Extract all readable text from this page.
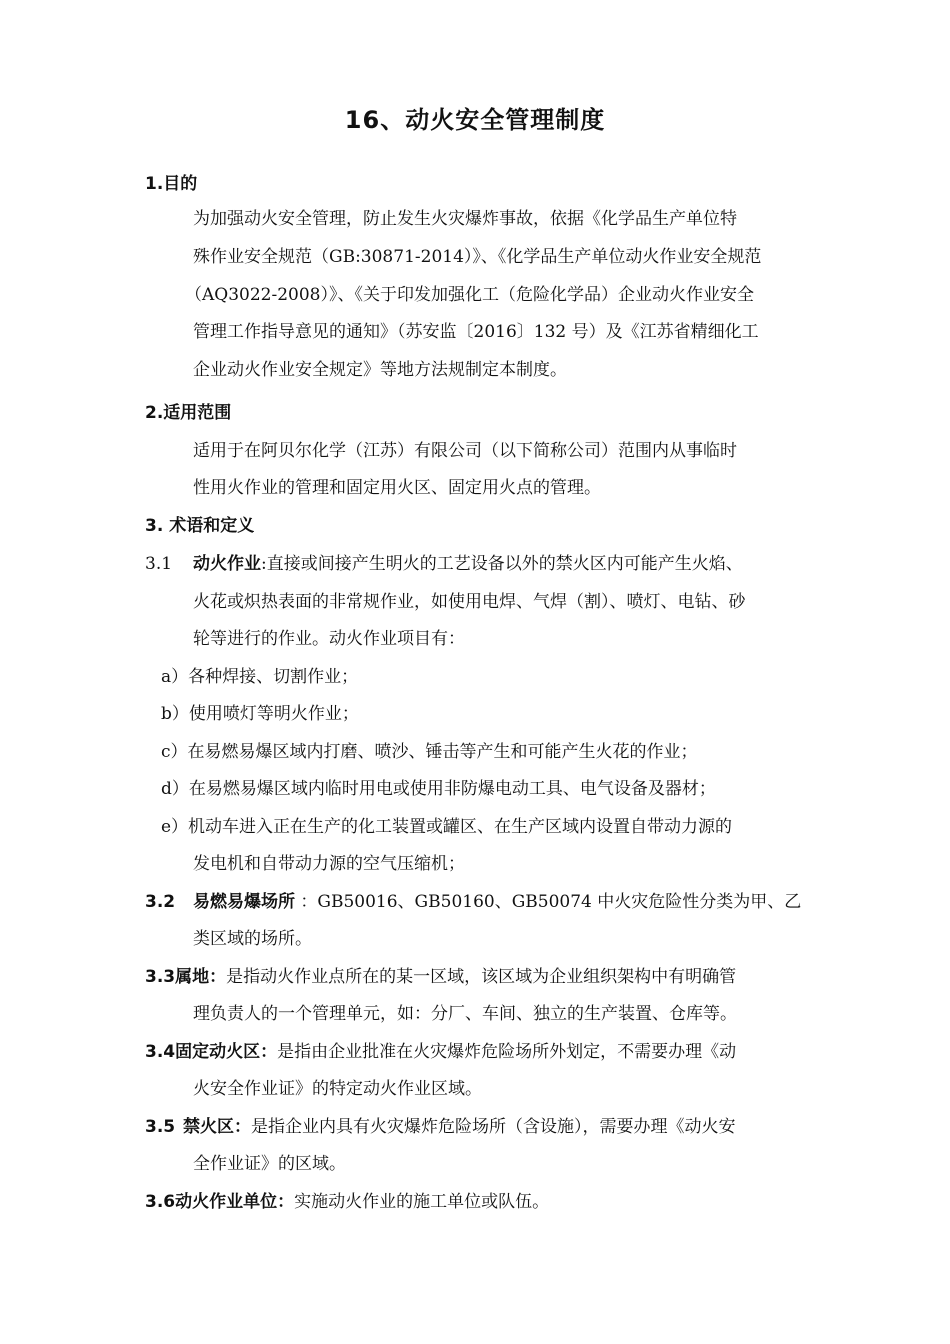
16、动火安全管理制度
1.目的
为加强动火安全管理，防止发生火灾爆炸事故，依据《化学品生产单位特
殊作业安全规范（GB:30871-2014）》、《化学品生产单位动火作业安全规范
（AQ3022-2008）》、《关于印发加强化工（危险化学品）企业动火作业安全
管理工作指导意见的通知》（苏安监〔2016〕132 号）及《江苏省精细化工
企业动火作业安全规定》等地方法规制定本制度。
2.适用范围
适用于在阿贝尔化学（江苏）有限公司（以下简称公司）范围内从事临时
性用火作业的管理和固定用火区、固定用火点的管理。
3. 术语和定义
3.1 动火作业:直接或间接产生明火的工艺设备以外的禁火区内可能产生火焰、
火花或炽热表面的非常规作业，如使用电焊、气焊（割）、喷灯、电钻、砂
轮等进行的作业。动火作业项目有：
a）各种焊接、切割作业；
b）使用喷灯等明火作业；
c）在易燃易爆区域内打磨、喷沙、锤击等产生和可能产生火花的作业；
d）在易燃易爆区域内临时用电或使用非防爆电动工具、电气设备及器材；
e）机动车进入正在生产的化工装置或罐区、在生产区域内设置自带动力源的
发电机和自带动力源的空气压缩机；
3.2 易燃易爆场所 ：GB50016、GB50160、GB50074 中火灾危险性分类为甲、乙
类区域的场所。
3.3属地：是指动火作业点所在的某一区域，该区域为企业组织架构中有明确管
理负责人的一个管理单元，如：分厂、车间、独立的生产装置、仓库等。
3.4固定动火区：是指由企业批准在火灾爆炸危险场所外划定，不需要办理《动
火安全作业证》的特定动火作业区域。
3.5 禁火区：是指企业内具有火灾爆炸危险场所（含设施），需要办理《动火安
全作业证》的区域。
3.6动火作业单位：实施动火作业的施工单位或队伍。
